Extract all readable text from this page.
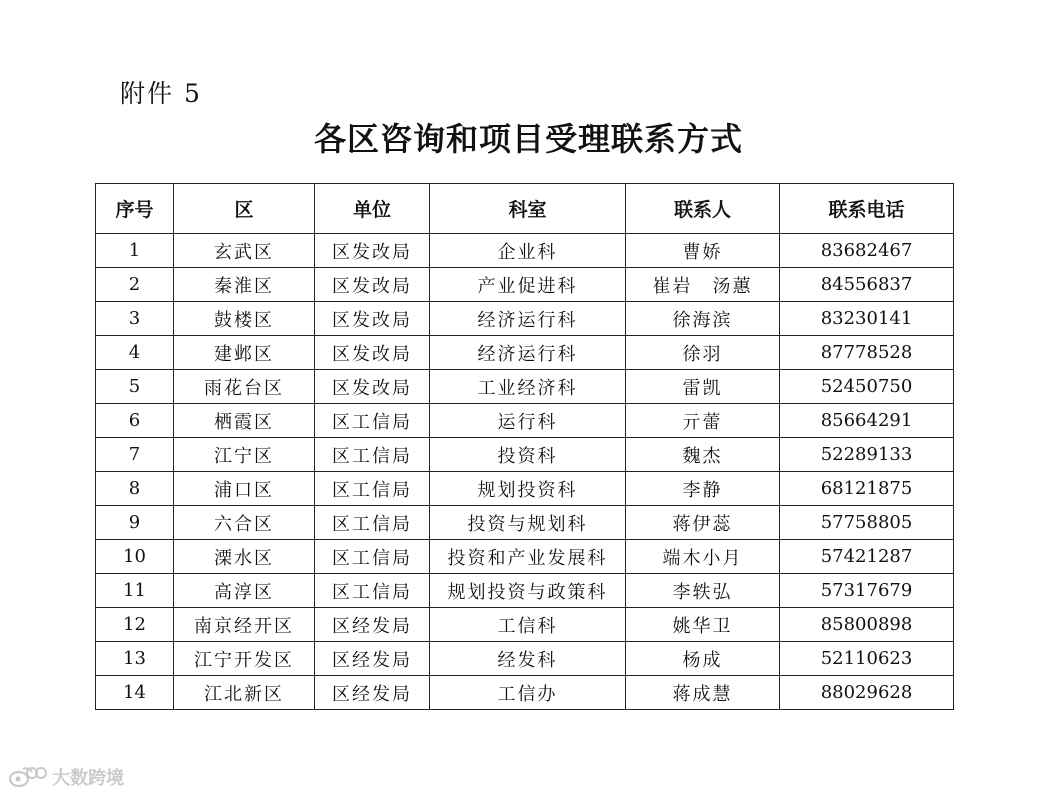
附件 5
各区咨询和项目受理联系方式
序号	区	单位	科室	联系人	联系电话
1	玄武区	区发改局	企业科	曹娇	83682467
2	秦淮区	区发改局	产业促进科	崔岩　汤蕙	84556837
3	鼓楼区	区发改局	经济运行科	徐海滨	83230141
4	建邺区	区发改局	经济运行科	徐羽	87778528
5	雨花台区	区发改局	工业经济科	雷凯	52450750
6	栖霞区	区工信局	运行科	亓蕾	85664291
7	江宁区	区工信局	投资科	魏杰	52289133
8	浦口区	区工信局	规划投资科	李静	68121875
9	六合区	区工信局	投资与规划科	蒋伊蕊	57758805
10	溧水区	区工信局	投资和产业发展科	端木小月	57421287
11	高淳区	区工信局	规划投资与政策科	李轶弘	57317679
12	南京经开区	区经发局	工信科	姚华卫	85800898
13	江宁开发区	区经发局	经发科	杨成	52110623
14	江北新区	区经发局	工信办	蒋成慧	88029628
大数跨境
